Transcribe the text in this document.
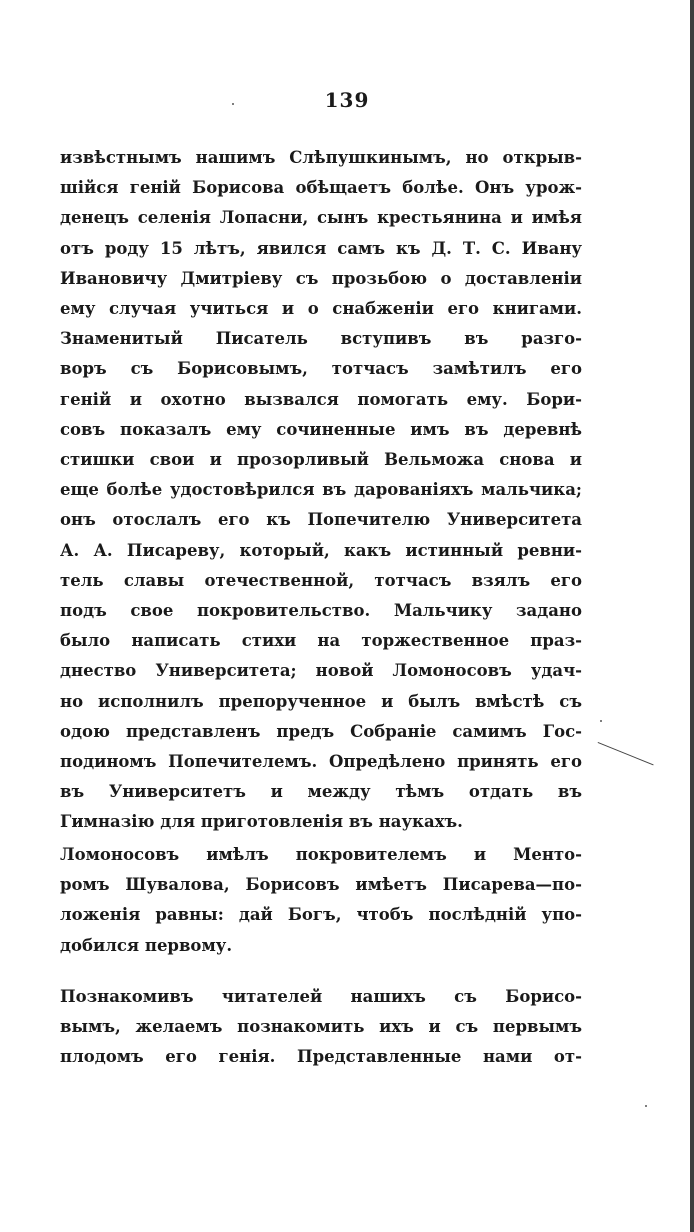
139

извѣстнымъ нашимъ Слѣпушкинымъ, но открыв-
шійся геній Борисова обѣщаетъ болѣе. Онъ урож-
денецъ селенія Лопасни, сынъ крестьянина и имѣя
отъ роду 15 лѣтъ, явился самъ къ Д. Т. С. Ивану
Ивановичу Дмитріеву съ прозьбою о доставленіи
ему случая учиться и о снабженіи его книгами.
Знаменитый Писатель вступивъ въ разго-
воръ съ Борисовымъ, тотчасъ замѣтилъ его
геній и охотно вызвался помогать ему. Бори-
совъ показалъ ему сочиненные имъ въ деревнѣ
стишки свои и прозорливый Вельможа снова и
еще болѣе удостовѣрился въ дарованіяхъ мальчика;
онъ отослалъ его къ Попечителю Университета
А. А. Писареву, который, какъ истинный ревни-
тель славы отечественной, тотчасъ взялъ его
подъ свое покровительство. Мальчику задано
было написать стихи на торжественное праз-
днество Университета; новой Ломоносовъ удач-
но исполнилъ препорученное и былъ вмѣстѣ съ
одою представленъ предъ Собраніе самимъ Гос-
подиномъ Попечителемъ. Опредѣлено принять его
въ Университетъ и между тѣмъ отдать въ
Гимназію для приготовленія въ наукахъ.

Ломоносовъ имѣлъ покровителемъ и Менто-
ромъ Шувалова, Борисовъ имѣетъ Писарева—по-
ложенія равны: дай Богъ, чтобъ послѣдній упо-
добился первому.

Познакомивъ читателей нашихъ съ Борисо-
вымъ, желаемъ познакомить ихъ и съ первымъ
плодомъ его генія. Представленные нами от-
